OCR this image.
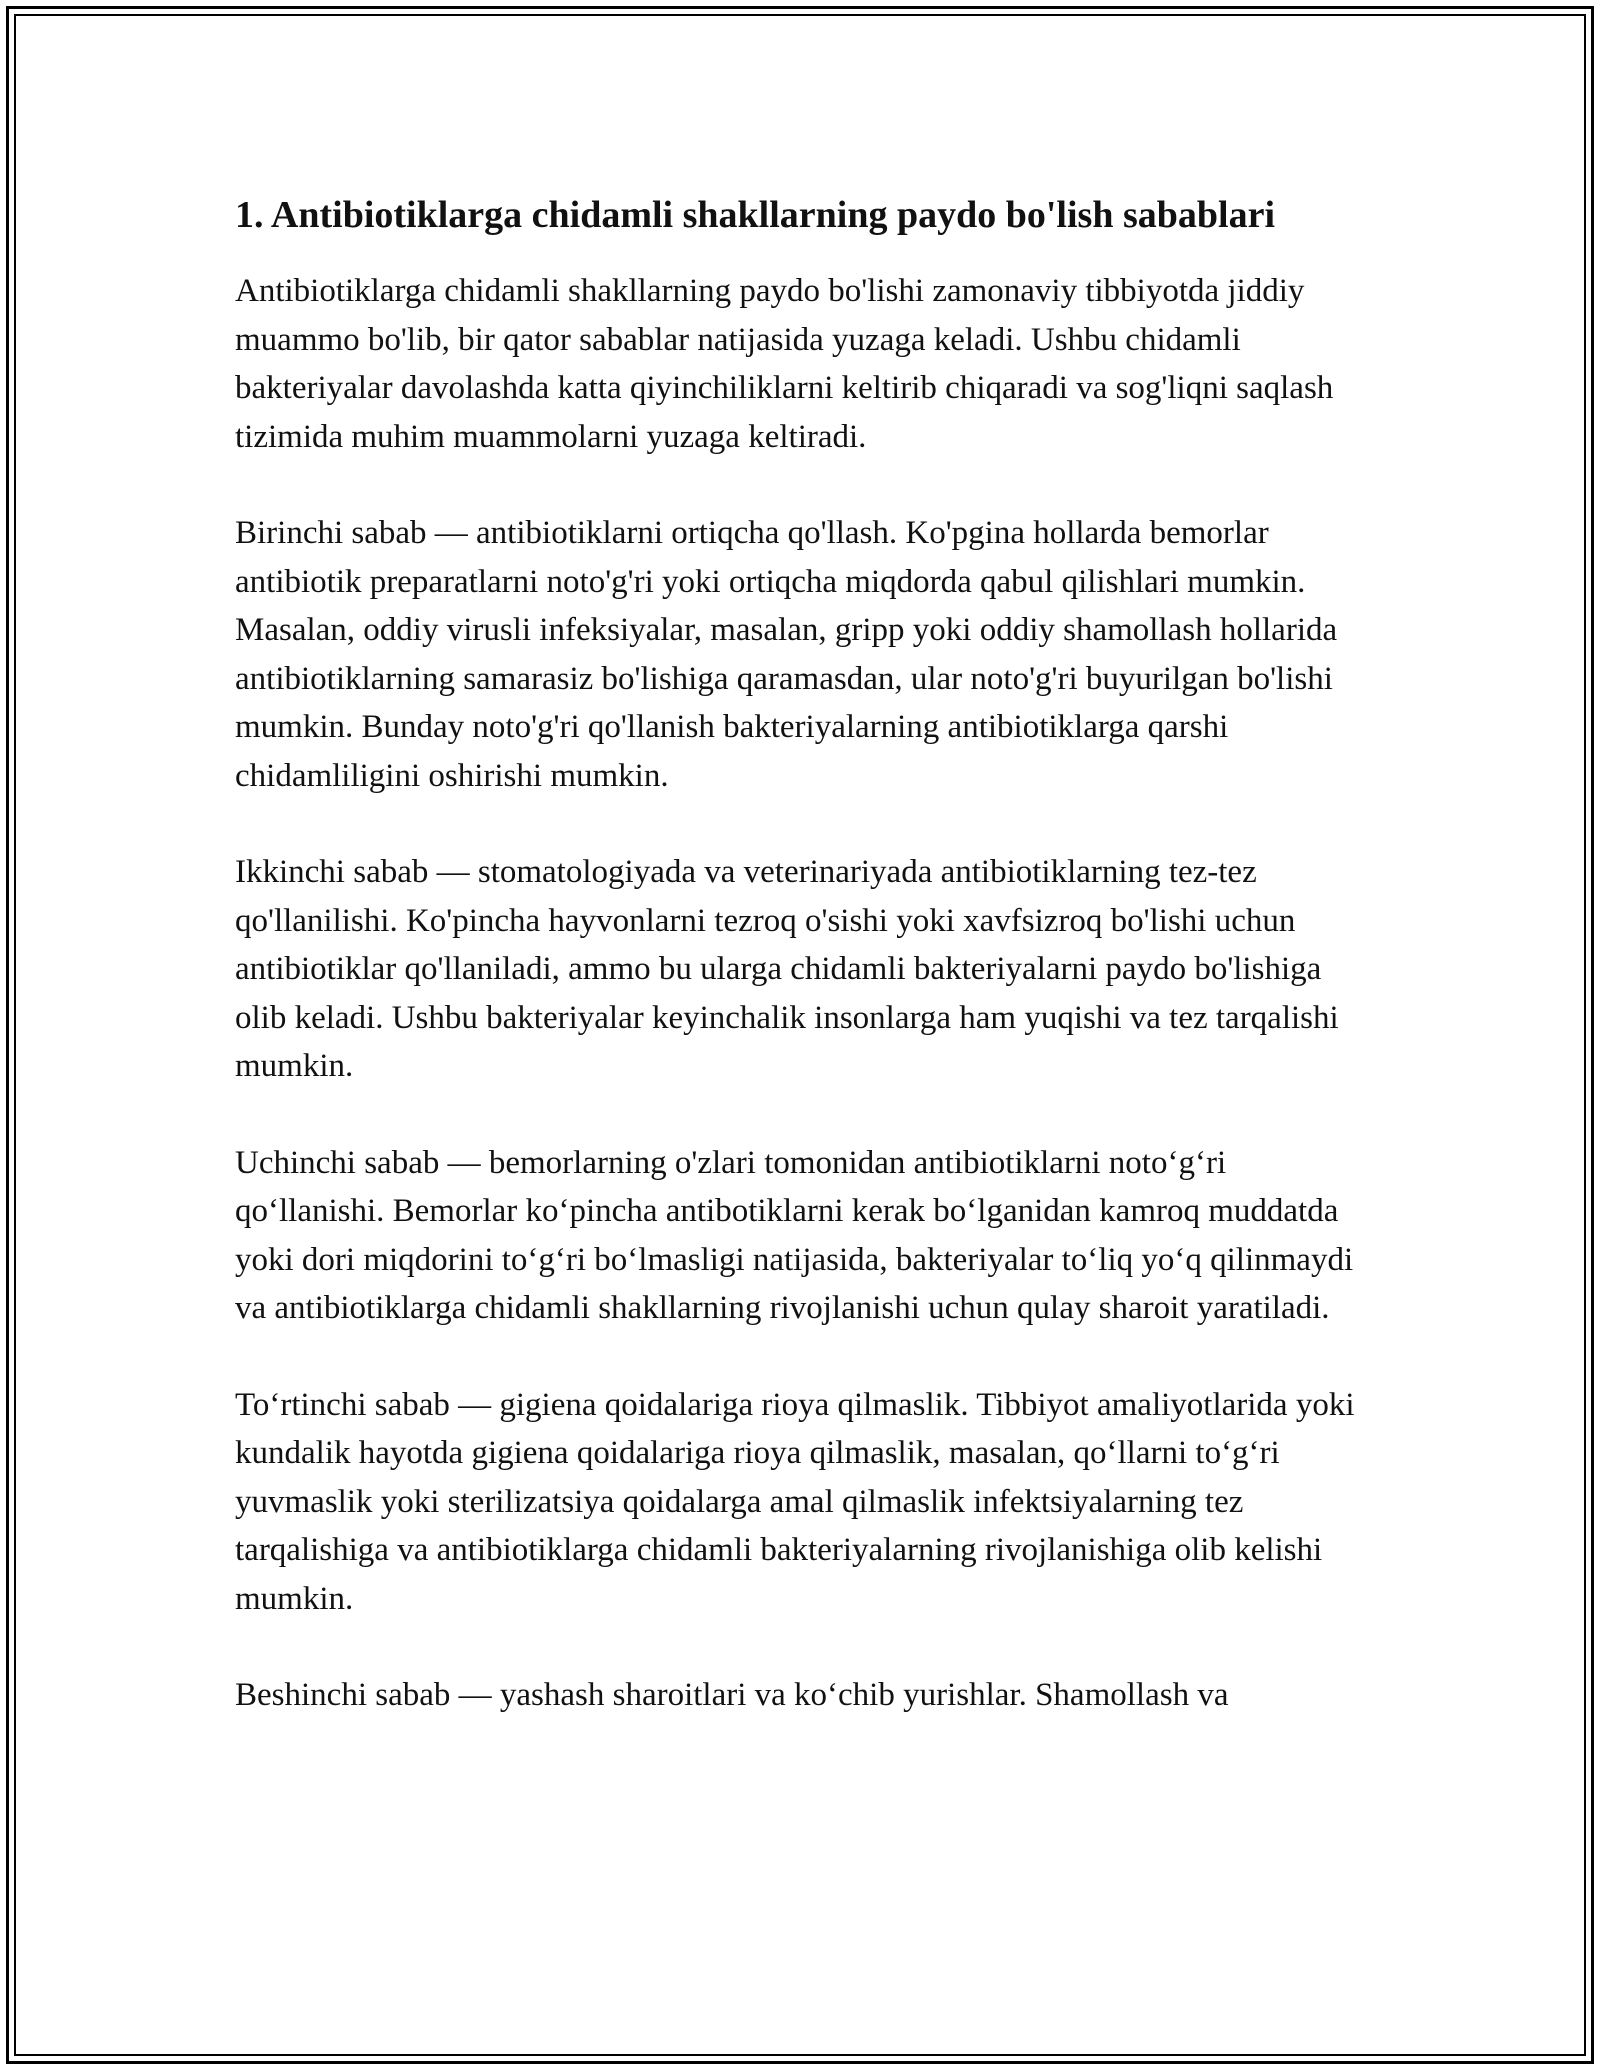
1. Antibiotiklarga chidamli shakllarning paydo bo'lish sabablari

Antibiotiklarga chidamli shakllarning paydo bo'lishi zamonaviy tibbiyotda jiddiy muammo bo'lib, bir qator sabablar natijasida yuzaga keladi. Ushbu chidamli bakteriyalar davolashda katta qiyinchiliklarni keltirib chiqaradi va sog'liqni saqlash tizimida muhim muammolarni yuzaga keltiradi.

Birinchi sabab — antibiotiklarni ortiqcha qo'llash. Ko'pgina hollarda bemorlar antibiotik preparatlarni noto'g'ri yoki ortiqcha miqdorda qabul qilishlari mumkin. Masalan, oddiy virusli infeksiyalar, masalan, gripp yoki oddiy shamollash hollarida antibiotiklarning samarasiz bo'lishiga qaramasdan, ular noto'g'ri buyurilgan bo'lishi mumkin. Bunday noto'g'ri qo'llanish bakteriyalarning antibiotiklarga qarshi chidamliligini oshirishi mumkin.

Ikkinchi sabab — stomatologiyada va veterinariyada antibiotiklarning tez-tez qo'llanilishi. Ko'pincha hayvonlarni tezroq o'sishi yoki xavfsizroq bo'lishi uchun antibiotiklar qo'llaniladi, ammo bu ularga chidamli bakteriyalarni paydo bo'lishiga olib keladi. Ushbu bakteriyalar keyinchalik insonlarga ham yuqishi va tez tarqalishi mumkin.

Uchinchi sabab — bemorlarning o'zlari tomonidan antibiotiklarni noto‘g‘ri qo‘llanishi. Bemorlar ko‘pincha antibotiklarni kerak bo‘lganidan kamroq muddatda yoki dori miqdorini to‘g‘ri bo‘lmasligi natijasida, bakteriyalar to‘liq yo‘q qilinmaydi va antibiotiklarga chidamli shakllarning rivojlanishi uchun qulay sharoit yaratiladi.

To‘rtinchi sabab — gigiena qoidalariga rioya qilmaslik. Tibbiyot amaliyotlarida yoki kundalik hayotda gigiena qoidalariga rioya qilmaslik, masalan, qo‘llarni to‘g‘ri yuvmaslik yoki sterilizatsiya qoidalarga amal qilmaslik infektsiyalarning tez tarqalishiga va antibiotiklarga chidamli bakteriyalarning rivojlanishiga olib kelishi mumkin.

Beshinchi sabab — yashash sharoitlari va ko‘chib yurishlar. Shamollash va
